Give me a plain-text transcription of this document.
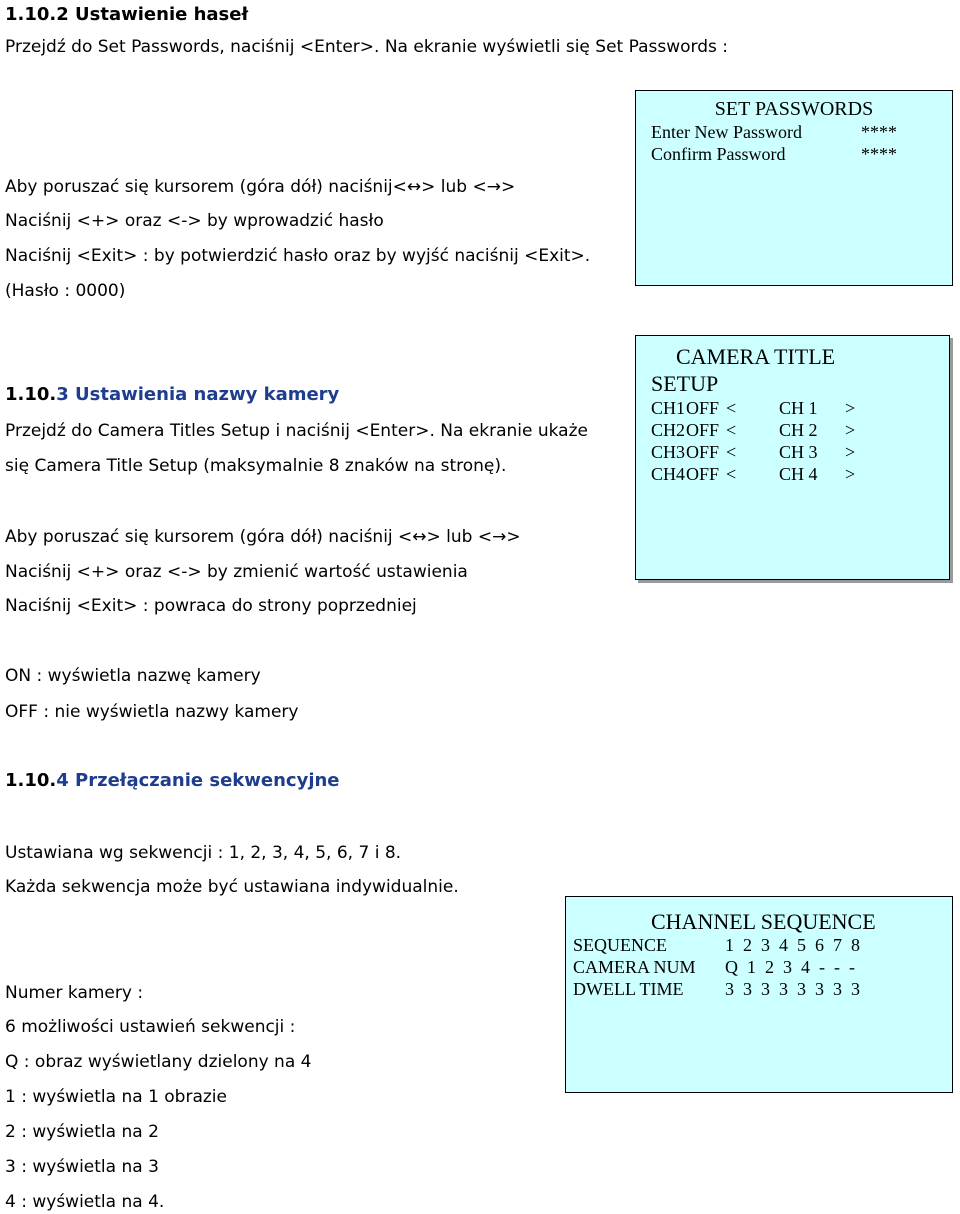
1.10.2 Ustawienie haseł
Przejdź do Set Passwords, naciśnij <Enter>. Na ekranie wyświetli się Set Passwords :
Aby poruszać się kursorem (góra dół) naciśnij<↔> lub <→>
Naciśnij <+> oraz <-> by wprowadzić hasło
Naciśnij <Exit> : by potwierdzić hasło oraz by wyjść naciśnij <Exit>.
(Hasło : 0000)
SET PASSWORDS
Enter New Password	****
Confirm Password	****
1.10.3 Ustawienia nazwy kamery
Przejdź do Camera Titles Setup i naciśnij <Enter>. Na ekranie ukaże
się Camera Title Setup (maksymalnie 8 znaków na stronę).
Aby poruszać się kursorem (góra dół) naciśnij <↔> lub <→>
Naciśnij <+> oraz <-> by zmienić wartość ustawienia
Naciśnij <Exit> : powraca do strony poprzedniej
ON : wyświetla nazwę kamery
OFF : nie wyświetla nazwy kamery
CAMERA TITLE
SETUP
CH1OFF < CH 1 >
CH2OFF < CH 2 >
CH3OFF < CH 3 >
CH4OFF < CH 4 >
1.10.4 Przełączanie sekwencyjne
Ustawiana wg sekwencji : 1, 2, 3, 4, 5, 6, 7 i 8.
Każda sekwencja może być ustawiana indywidualnie.
Numer kamery :
6 możliwości ustawień sekwencji :
Q : obraz wyświetlany dzielony na 4
1 : wyświetla na 1 obrazie
2 : wyświetla na 2
3 : wyświetla na 3
4 : wyświetla na 4.
CHANNEL SEQUENCE
SEQUENCE	1  2  3  4  5  6  7  8
CAMERA NUM Q  1  2  3  4  -  -  -
DWELL TIME 3  3  3  3  3  3  3  3
